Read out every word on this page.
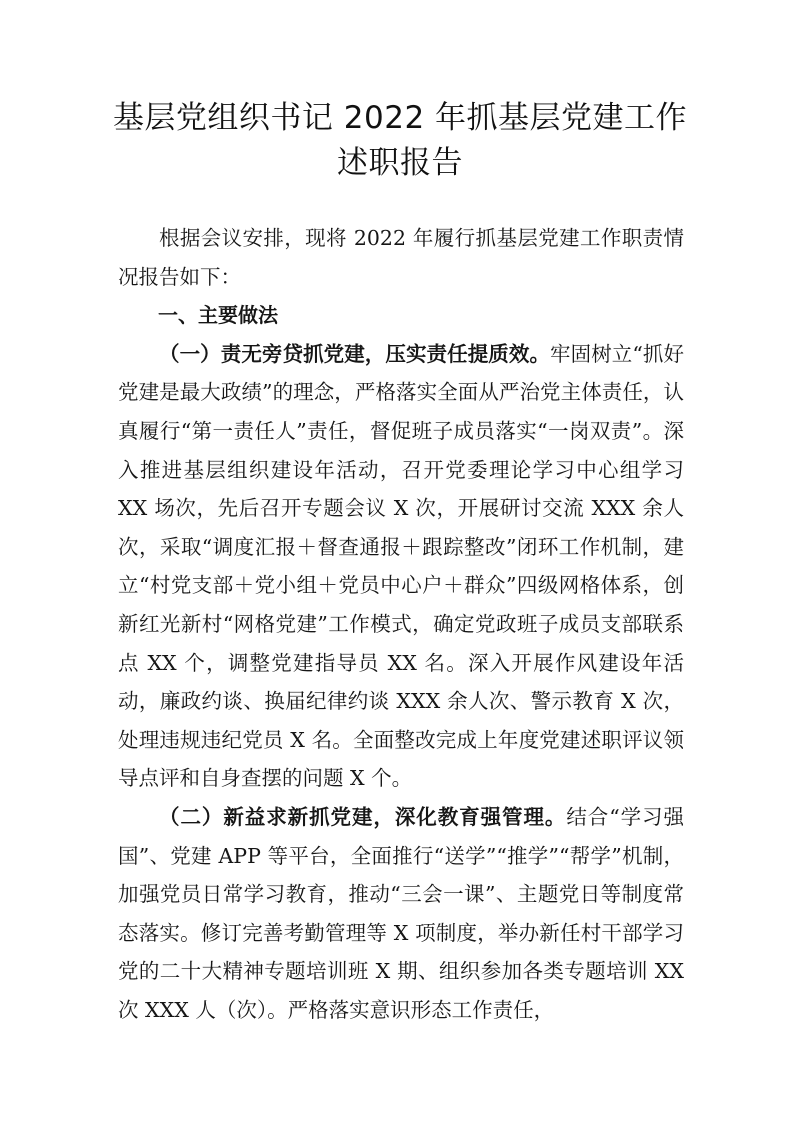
基层党组织书记 2022 年抓基层党建工作
述职报告

根据会议安排，现将 2022 年履行抓基层党建工作职责情况报告如下：

一、主要做法

（一）责无旁贷抓党建，压实责任提质效。牢固树立“抓好党建是最大政绩”的理念，严格落实全面从严治党主体责任，认真履行“第一责任人”责任，督促班子成员落实“一岗双责”。深入推进基层组织建设年活动，召开党委理论学习中心组学习 XX 场次，先后召开专题会议 X 次，开展研讨交流 XXX 余人次，采取“调度汇报＋督查通报＋跟踪整改”闭环工作机制，建立“村党支部＋党小组＋党员中心户＋群众”四级网格体系，创新红光新村“网格党建”工作模式，确定党政班子成员支部联系点 XX 个，调整党建指导员 XX 名。深入开展作风建设年活动，廉政约谈、换届纪律约谈 XXX 余人次、警示教育 X 次，处理违规违纪党员 X 名。全面整改完成上年度党建述职评议领导点评和自身查摆的问题 X 个。

（二）新益求新抓党建，深化教育强管理。结合“学习强国”、党建 APP 等平台，全面推行“送学”“推学”“帮学”机制，加强党员日常学习教育，推动“三会一课”、主题党日等制度常态落实。修订完善考勤管理等 X 项制度，举办新任村干部学习党的二十大精神专题培训班 X 期、组织参加各类专题培训 XX 次 XXX 人（次）。严格落实意识形态工作责任，
